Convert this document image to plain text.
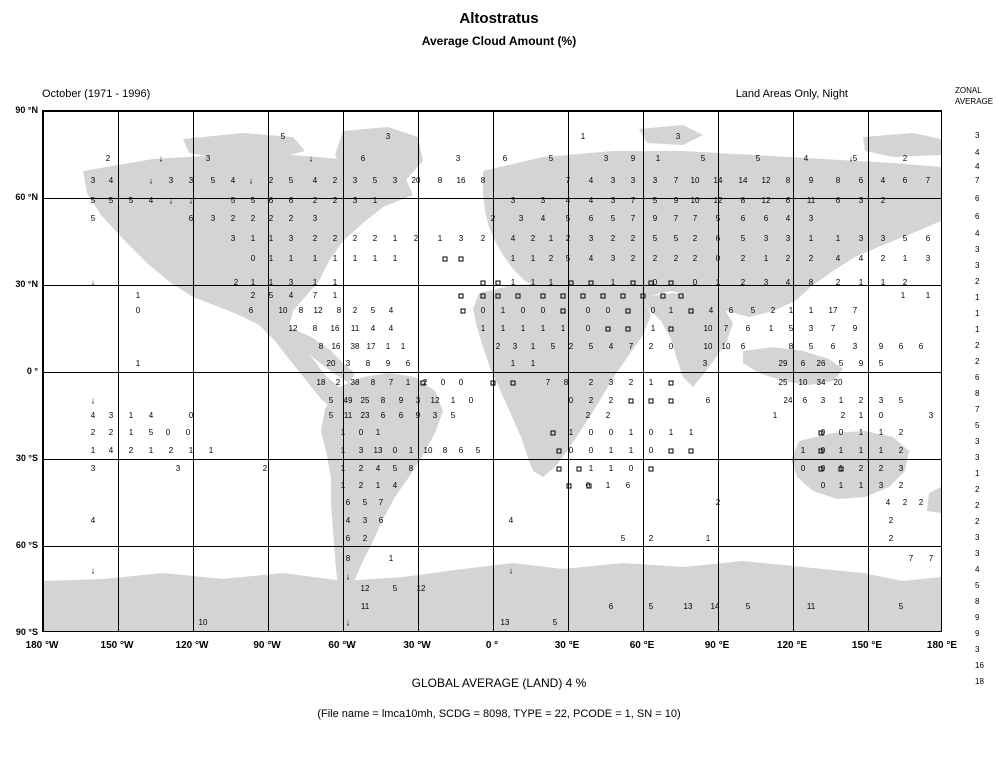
Altostratus
Average Cloud Amount (%)
October (1971 - 1996)	Land Areas Only, Night	ZONAL
AVERAGE
5	3	1	3
2	3	6	3	6	5	3	9	1	5	5	4	5	2
3 4	3 3 5 4	2 5 4 2 3 5 3 20 8 16 8	7 4 3 3 3 7 10 14 14 12 8 9	8 6 4 6 7
5 5 5 4	5 5 6 6 2 2 3 1	3	3	4 4 3 7 5 9 10 12 8 12 6 11	6 3 2
5	6 3 2 2 2 2 3	2	3 4	5 6 5 7 9 7 7 5	6 6 4 3
3 1 1 3 2 2 2 2 1 2 1 3 2	4 2 1 2 3 2 2 5 5 2 6	5 3 3 1	1 3 3 5 6
0 1 1 1 1 1 1 1	1 1 2 5 4 3 2 2 2 2 0	2 1 2 2	4 4 2 1 3
2 1 1 3 1 1	1 1 1	1	0	0 1	2 3 4 8	2 1 1 2
1	2 5 4 7 1	1	1
0	6	10 8 12 8 2 5 4	0 1 0 0	0 0	0 1	4 6 5 2 1 1 17 7
12 8 16 11 4 4	1 1 1 1 1	0	1	10 7 6 1 5 3 7 9
8 16 38 17 1 1	2 3 1 5 2 5 4 7 2 0	10 10 6	8 5 6 3	9 6 6
1	20 3 8 9 6	1 1	3	29 6 26 5 9 5
18 2 38 8 7 1 2 0 0	7 8	2 3 2 1	25 10 34 20
5 49 25 8 9 3 12 1 0	0 2 2	6	24 6 3 1 2 3 5
4 3 1 4	0	5 11 23 6 6 9 3 5	2 2	1	2 1 0	3
2 2 1 5 0 0	1 0 1	1 0 0 1 0 1 1	0 0 1 1 2
1 4 2 1 2 1 1	1 3 13 0 1 10 8 6 5	0 0 1 1 0	1 0 1 1 1 2
3	3	2	1 2 4 5 8	1 1 0	0 0 1 2 2 3
1 2 1 4	0 1 6	0 1 1 3 2
6 5 7	2	4 2 2
4	4 3 6	4	2
6 2	5	2	1	2
8	1	7 7
12	5 12
11	6	5	13 14	5	11	5
10	13	5
↓	↓	↓
↓	↓
↓ ↓
↓
↓
↓	↓
↓
↓
180 °W	150 °W	120 °W	90 °W	60 °W	30 °W	0 °	30 °E	60 °E	90 °E	120 °E	150 °E	180 °E
90 °N
60 °N
30 °N
0 °
30 °S
60 °S
90 °S
3
4
4
7
6
6
4
3
3
2
1
1
1
2
2
6
8
7
5
3
3
1
2
2
2
3
3
4
5
8
9
9
3
16
18
GLOBAL AVERAGE (LAND) 4 %
(File name = lmca10mh, SCDG = 8098, TYPE = 22, PCODE = 1, SN = 10)
